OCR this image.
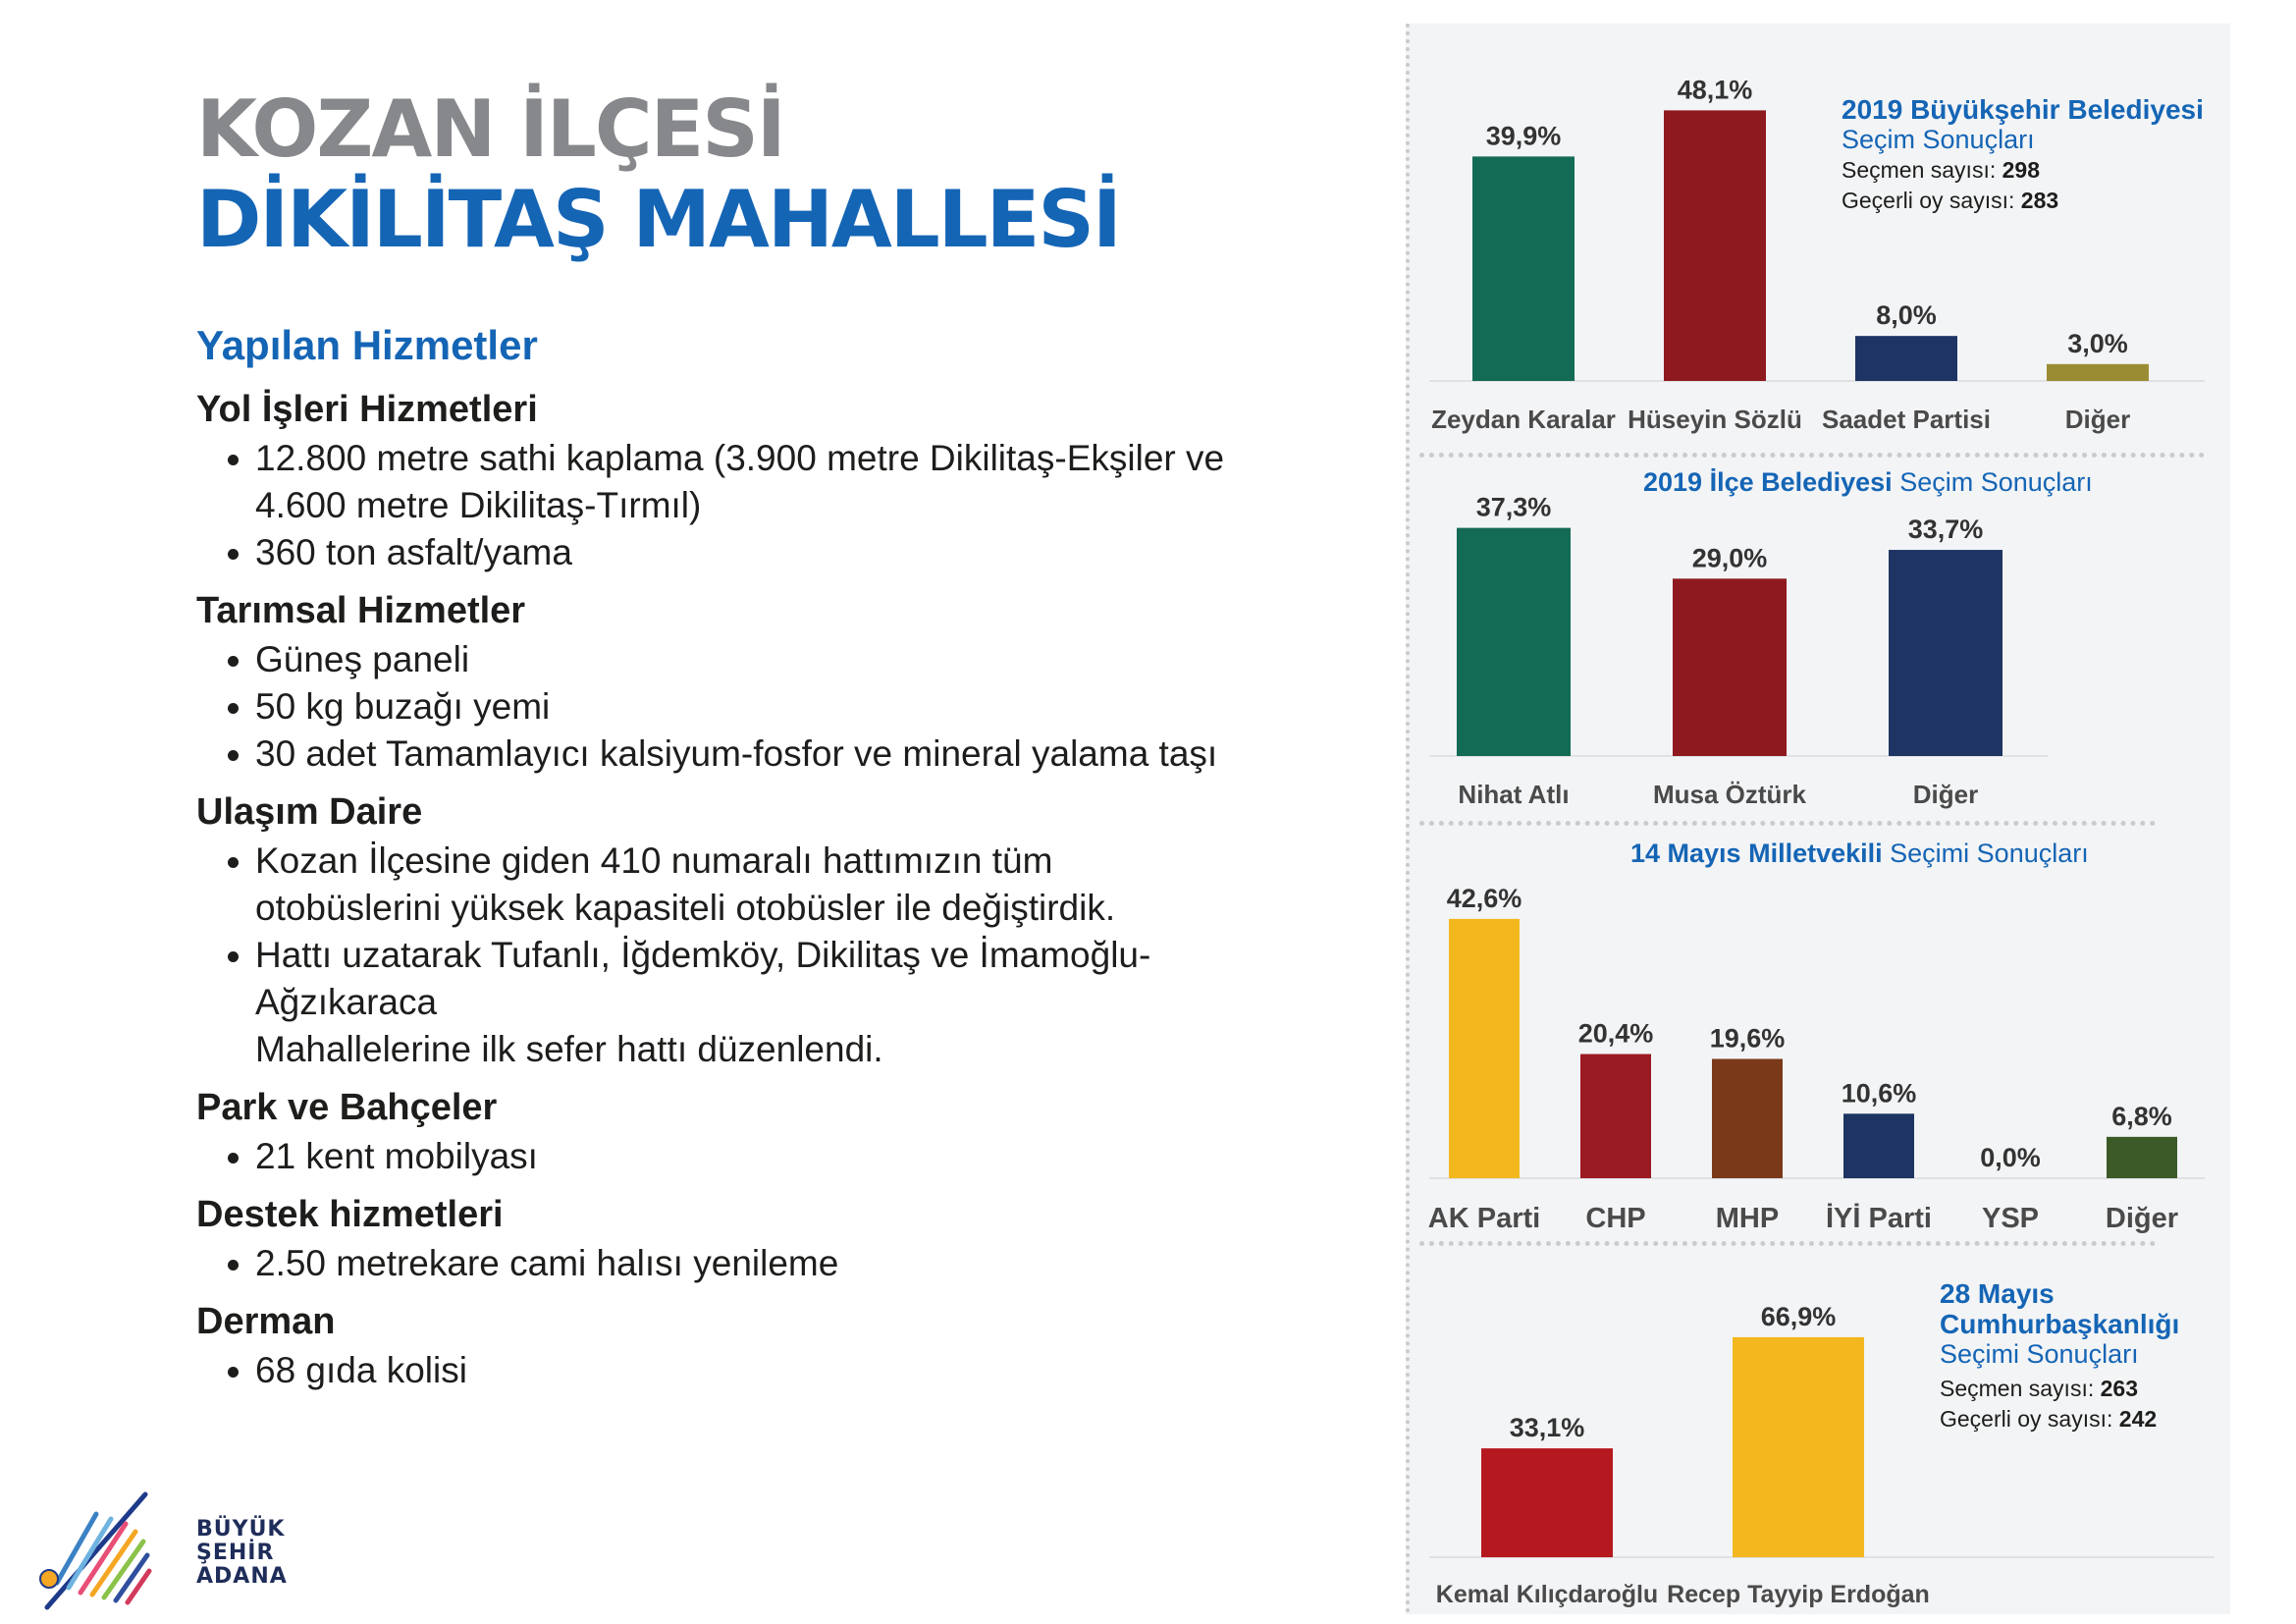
KOZAN İLÇESİ
DİKİLİTAŞ MAHALLESİ
Yapılan Hizmetler
Yol İşleri Hizmetleri
12.800 metre sathi kaplama (3.900 metre Dikilitaş-Ekşiler ve
4.600 metre Dikilitaş-Tırmıl)
360 ton asfalt/yama
Tarımsal Hizmetler
Güneş paneli
50 kg buzağı yemi
30 adet Tamamlayıcı kalsiyum-fosfor ve mineral yalama taşı
Ulaşım Daire
Kozan İlçesine giden 410 numaralı hattımızın tüm
otobüslerini yüksek kapasiteli otobüsler ile değiştirdik.
Hattı uzatarak Tufanlı, İğdemköy, Dikilitaş ve İmamoğlu-Ağzıkaraca
Mahallelerine ilk sefer hattı düzenlendi.
Park ve Bahçeler
21 kent mobilyası
Destek hizmetleri
2.50 metrekare cami halısı yenileme
Derman
68 gıda kolisi
BÜYÜK
ŞEHİR
ADANA
2019 Büyükşehir Belediyesi
Seçim Sonuçları
Seçmen sayısı: 298
Geçerli oy sayısı: 283
2019 İlçe Belediyesi Seçim Sonuçları
14 Mayıs Milletvekili Seçimi Sonuçları
28 Mayıs
Cumhurbaşkanlığı
Seçimi Sonuçları
Seçmen sayısı: 263
Geçerli oy sayısı: 242
39,9%
Zeydan Karalar
48,1%
Hüseyin Sözlü
8,0%
Saadet Partisi
3,0%
Diğer
37,3%
Nihat Atlı
29,0%
Musa Öztürk
33,7%
Diğer
42,6%
AK Parti
20,4%
CHP
19,6%
MHP
10,6%
İYİ Parti
0,0%
YSP
6,8%
Diğer
33,1%
Kemal Kılıçdaroğlu
66,9%
Recep Tayyip Erdoğan
